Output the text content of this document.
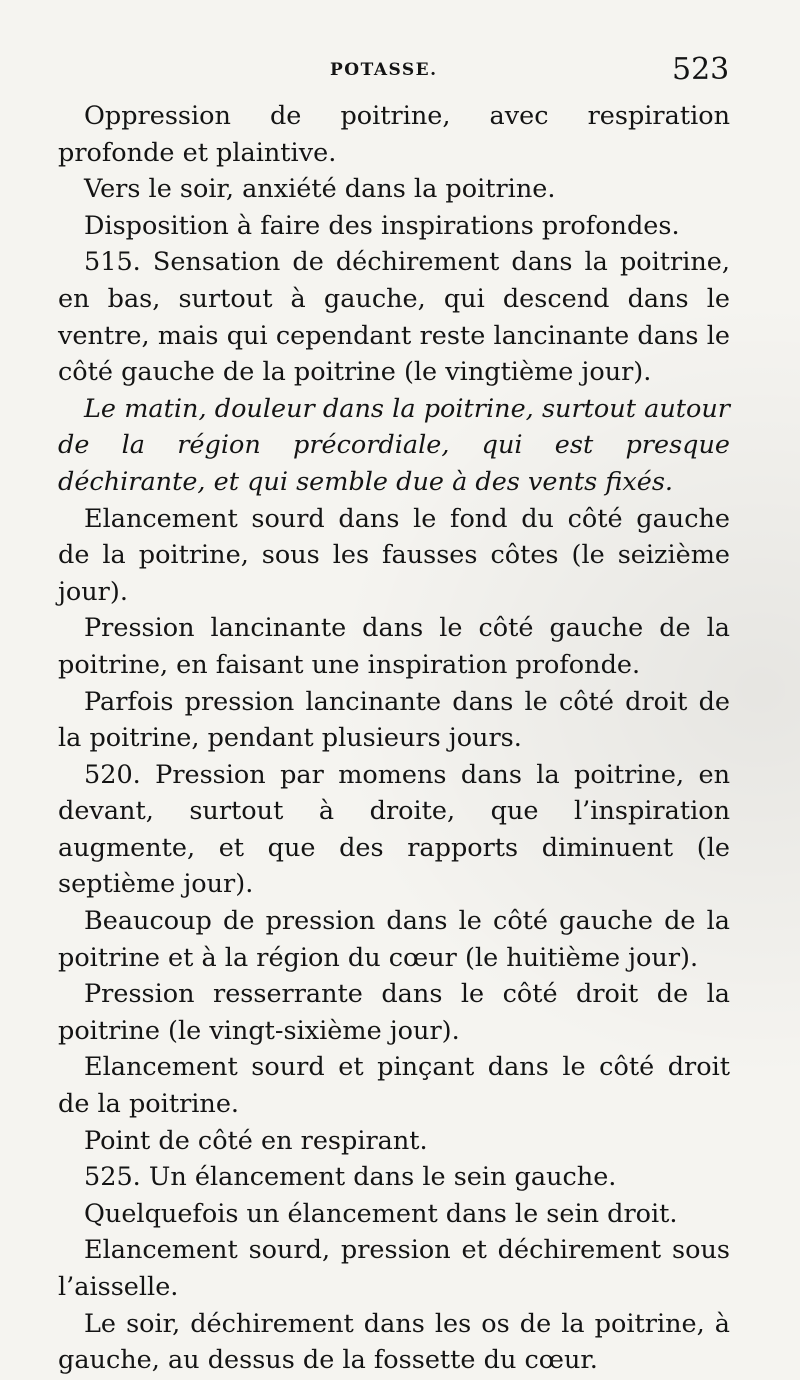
POTASSE.	523

Oppression de poitrine, avec respiration profonde et plaintive.

Vers le soir, anxiété dans la poitrine.

Disposition à faire des inspirations profondes.

515. Sensation de déchirement dans la poitrine, en bas, surtout à gauche, qui descend dans le ventre, mais qui cependant reste lancinante dans le côté gauche de la poitrine (le vingtième jour).

Le matin, douleur dans la poitrine, surtout autour de la région précordiale, qui est presque déchirante, et qui semble due à des vents fixés.

Elancement sourd dans le fond du côté gauche de la poitrine, sous les fausses côtes (le seizième jour).

Pression lancinante dans le côté gauche de la poitrine, en faisant une inspiration profonde.

Parfois pression lancinante dans le côté droit de la poitrine, pendant plusieurs jours.

520. Pression par momens dans la poitrine, en devant, surtout à droite, que l’inspiration augmente, et que des rapports diminuent (le septième jour).

Beaucoup de pression dans le côté gauche de la poitrine et à la région du cœur (le huitième jour).

Pression resserrante dans le côté droit de la poitrine (le vingt-sixième jour).

Elancement sourd et pinçant dans le côté droit de la poitrine.

Point de côté en respirant.

525. Un élancement dans le sein gauche.

Quelquefois un élancement dans le sein droit.

Elancement sourd, pression et déchirement sous l’aisselle.

Le soir, déchirement dans les os de la poitrine, à gauche, au dessus de la fossette du cœur.
